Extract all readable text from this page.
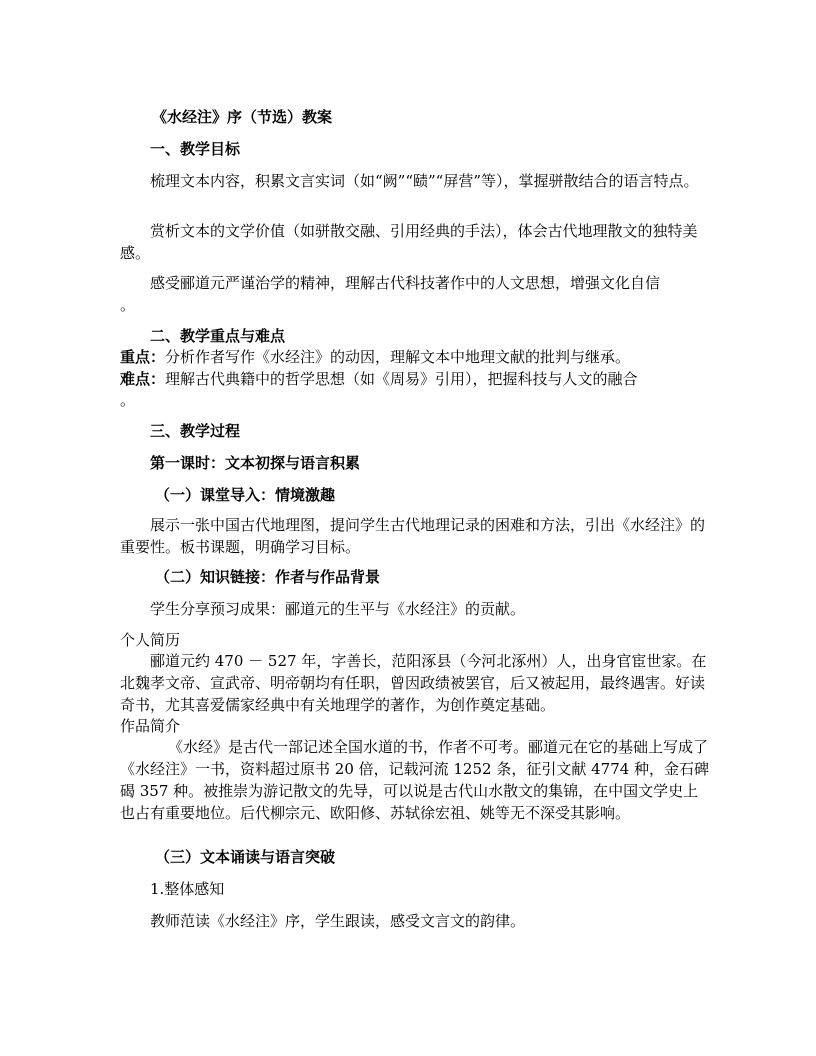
《水经注》序（节选）教案
一、教学目标
梳理文本内容，积累文言实词（如“阙”“赜”“屏营”等），掌握骈散结合的语言特点。
赏析文本的文学价值（如骈散交融、引用经典的手法），体会古代地理散文的独特美感。
感受郦道元严谨治学的精神，理解古代科技著作中的人文思想，增强文化自信
。
二、教学重点与难点
重点：分析作者写作《水经注》的动因，理解文本中地理文献的批判与继承。
难点：理解古代典籍中的哲学思想（如《周易》引用），把握科技与人文的融合
。
三、教学过程
第一课时：文本初探与语言积累
（一）课堂导入：情境激趣
展示一张中国古代地理图，提问学生古代地理记录的困难和方法，引出《水经注》的重要性。板书课题，明确学习目标。
（二）知识链接：作者与作品背景
学生分享预习成果：郦道元的生平与《水经注》的贡献。
个人简历
郦道元约 470 － 527 年，字善长，范阳涿县（今河北涿州）人，出身官宦世家。在北魏孝文帝、宣武帝、明帝朝均有任职，曾因政绩被罢官，后又被起用，最终遇害。好读奇书，尤其喜爱儒家经典中有关地理学的著作，为创作奠定基础。
作品简介
《水经》是古代一部记述全国水道的书，作者不可考。郦道元在它的基础上写成了《水经注》一书，资料超过原书 20 倍，记载河流 1252 条，征引文献 4774 种，金石碑碣 357 种。被推崇为游记散文的先导，可以说是古代山水散文的集锦，在中国文学史上也占有重要地位。后代柳宗元、欧阳修、苏轼徐宏祖、姚等无不深受其影响。
（三）文本诵读与语言突破
1.整体感知
教师范读《水经注》序，学生跟读，感受文言文的韵律。
